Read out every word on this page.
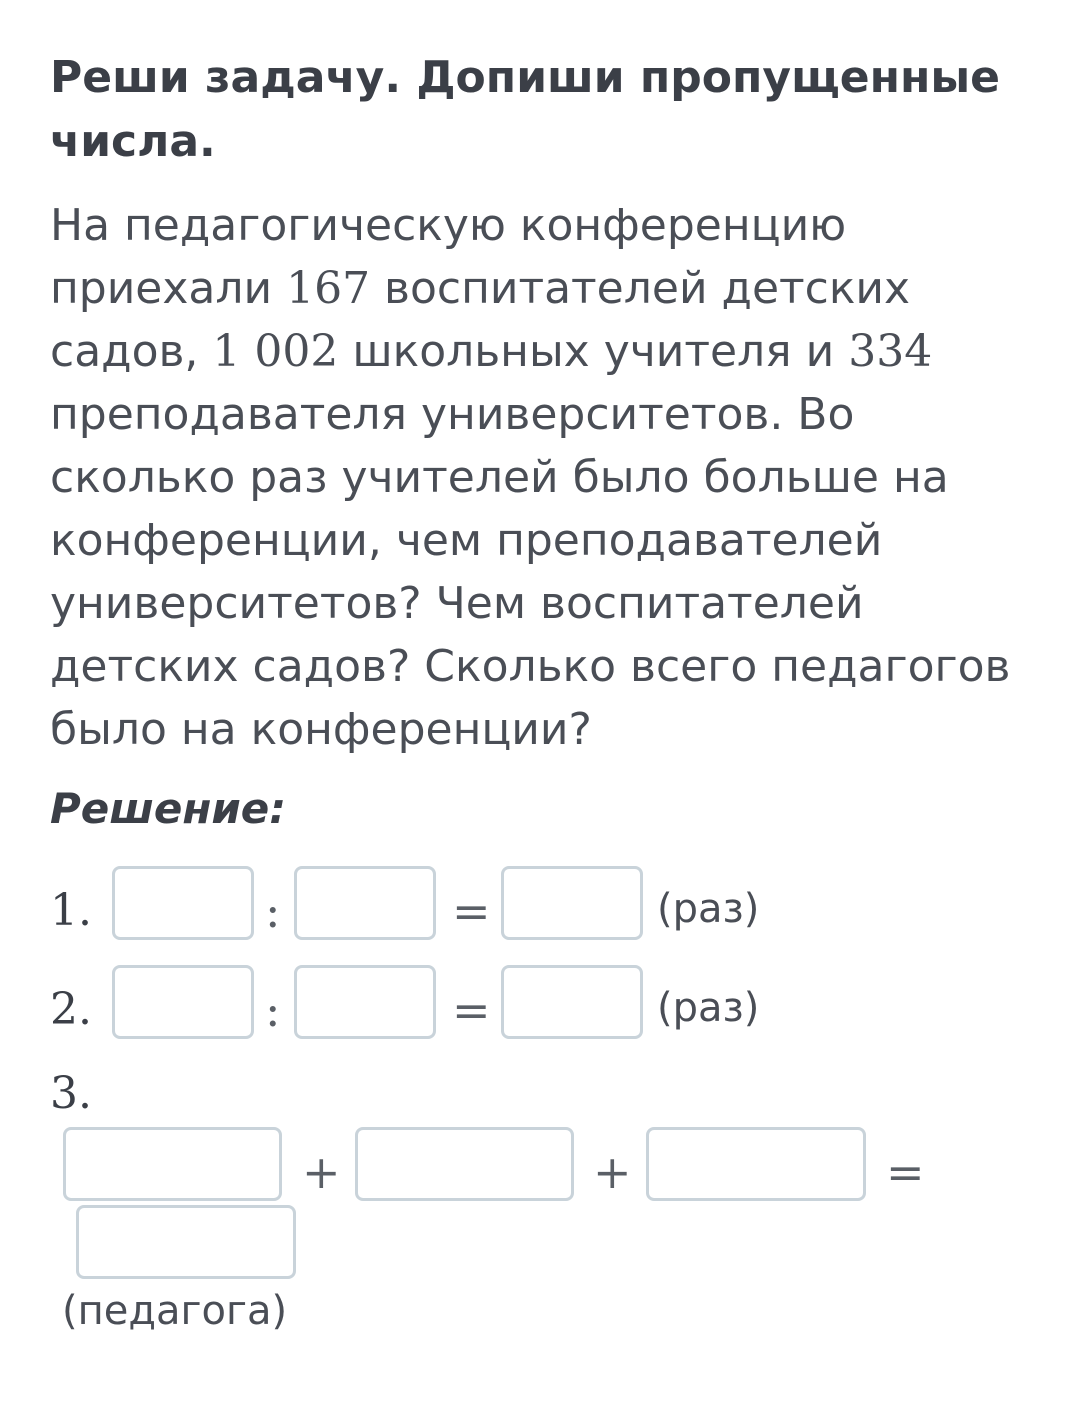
Реши задачу. Допиши пропущенные числа.

На педагогическую конференцию приехали 167 воспитателей детских садов, 1 002 школьных учителя и 334 преподавателя университетов. Во сколько раз учителей было больше на конференции, чем преподавателей университетов? Чем воспитателей детских садов? Сколько всего педагогов было на конференции?

Решение:
1.	:	=	(раз)
2.	:	=	(раз)
3.
+	+	=
(педагога)
